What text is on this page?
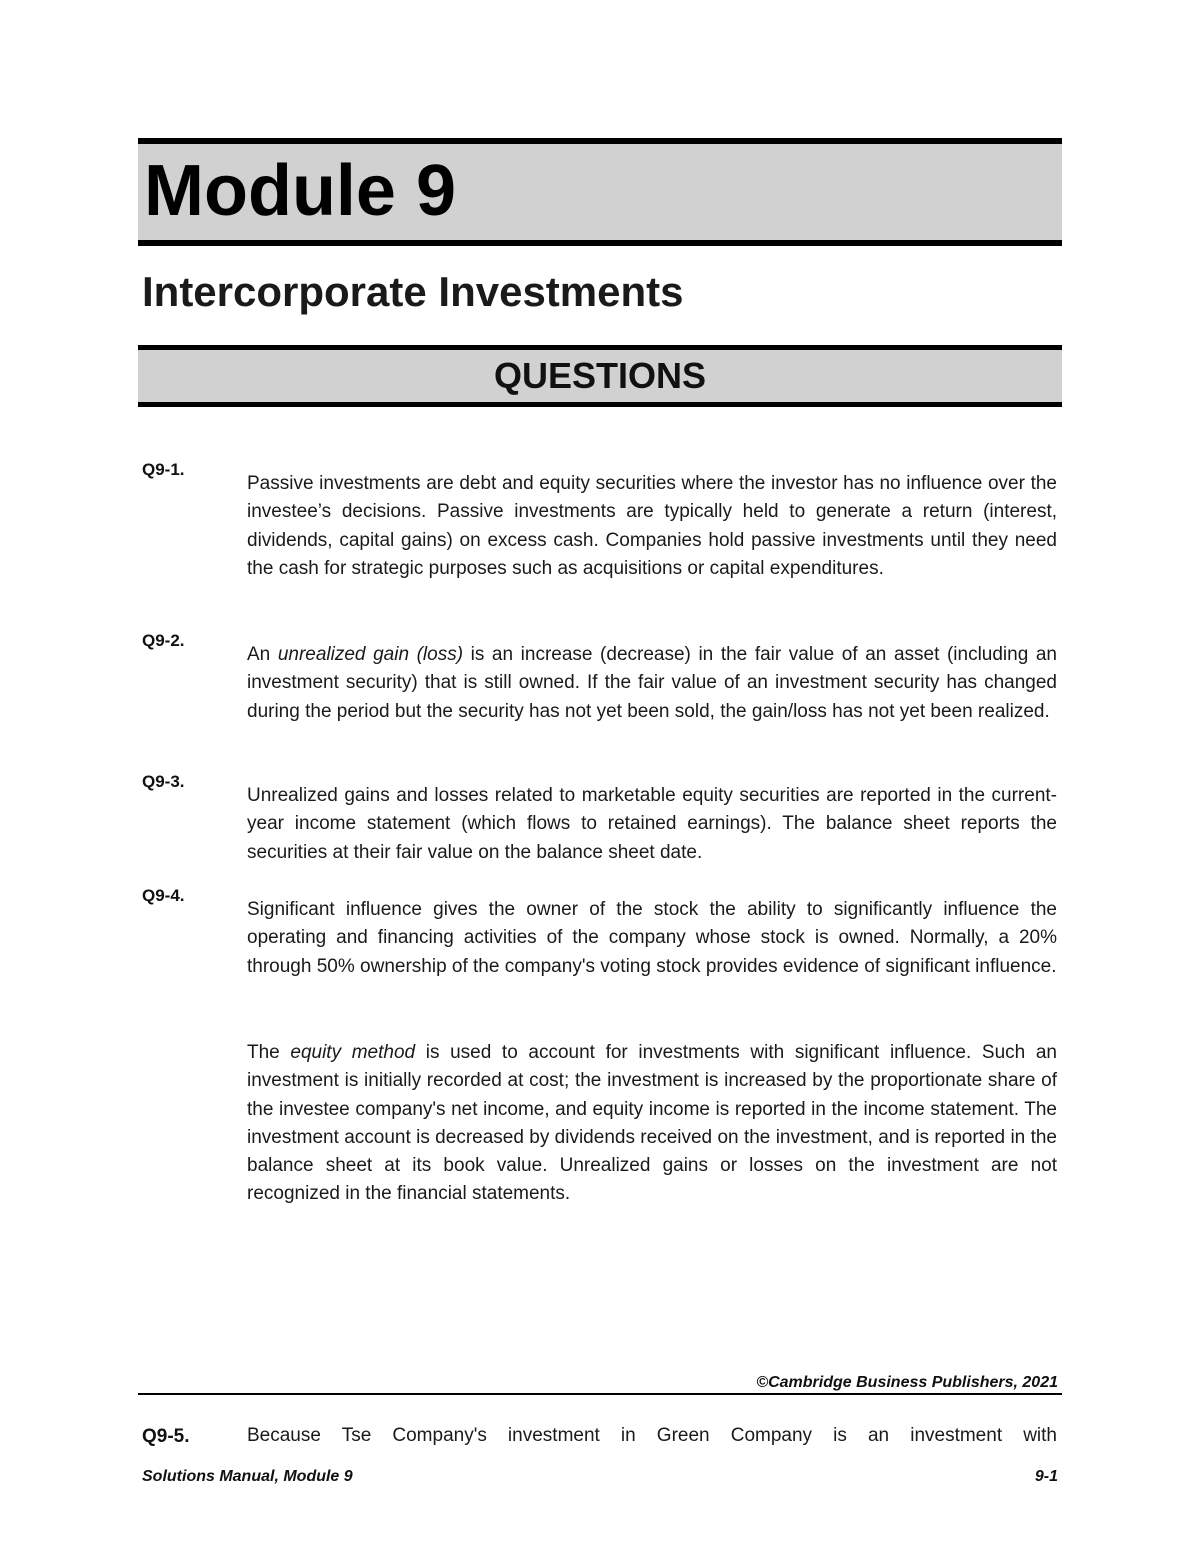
Module 9
Intercorporate Investments
QUESTIONS
Q9-1.

Passive investments are debt and equity securities where the investor has no influence over the investee’s decisions. Passive investments are typically held to generate a return (interest, dividends, capital gains) on excess cash. Companies hold passive investments until they need the cash for strategic purposes such as acquisitions or capital expenditures.

Q9-2.

An unrealized gain (loss) is an increase (decrease) in the fair value of an asset (including an investment security) that is still owned. If the fair value of an investment security has changed during the period but the security has not yet been sold, the gain/loss has not yet been realized.

Q9-3.

Unrealized gains and losses related to marketable equity securities are reported in the current-year income statement (which flows to retained earnings). The balance sheet reports the securities at their fair value on the balance sheet date.

Q9-4.

Significant influence gives the owner of the stock the ability to significantly influence the operating and financing activities of the company whose stock is owned. Normally, a 20% through 50% ownership of the company's voting stock provides evidence of significant influence.

The equity method is used to account for investments with significant influence. Such an investment is initially recorded at cost; the investment is increased by the proportionate share of the investee company's net income, and equity income is reported in the income statement. The investment account is decreased by dividends received on the investment, and is reported in the balance sheet at its book value. Unrealized gains or losses on the investment are not recognized in the financial statements.

©Cambridge Business Publishers, 2021
Q9-5.	Because Tse Company's investment in Green Company is an investment with

Solutions Manual, Module 9	9-1
